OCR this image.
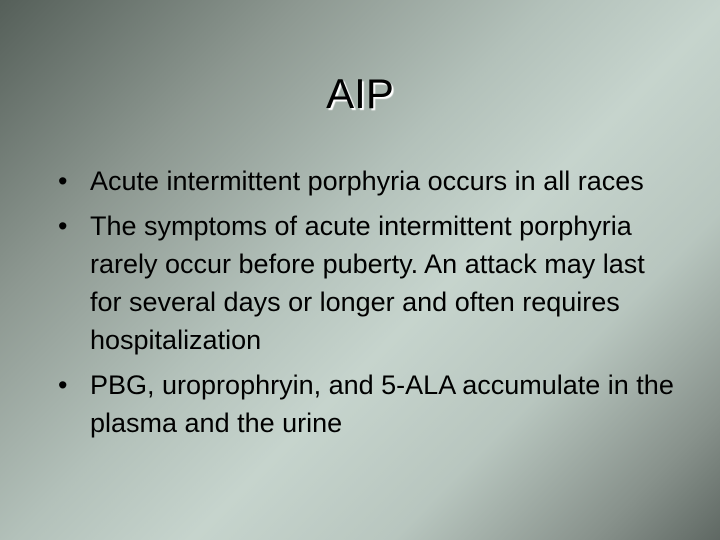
AIP
• Acute intermittent porphyria occurs in all races
• The symptoms of acute intermittent porphyria rarely occur before puberty. An attack may last for several days or longer and often requires hospitalization
• PBG, uroprophryin, and 5-ALA accumulate in the plasma and the urine
